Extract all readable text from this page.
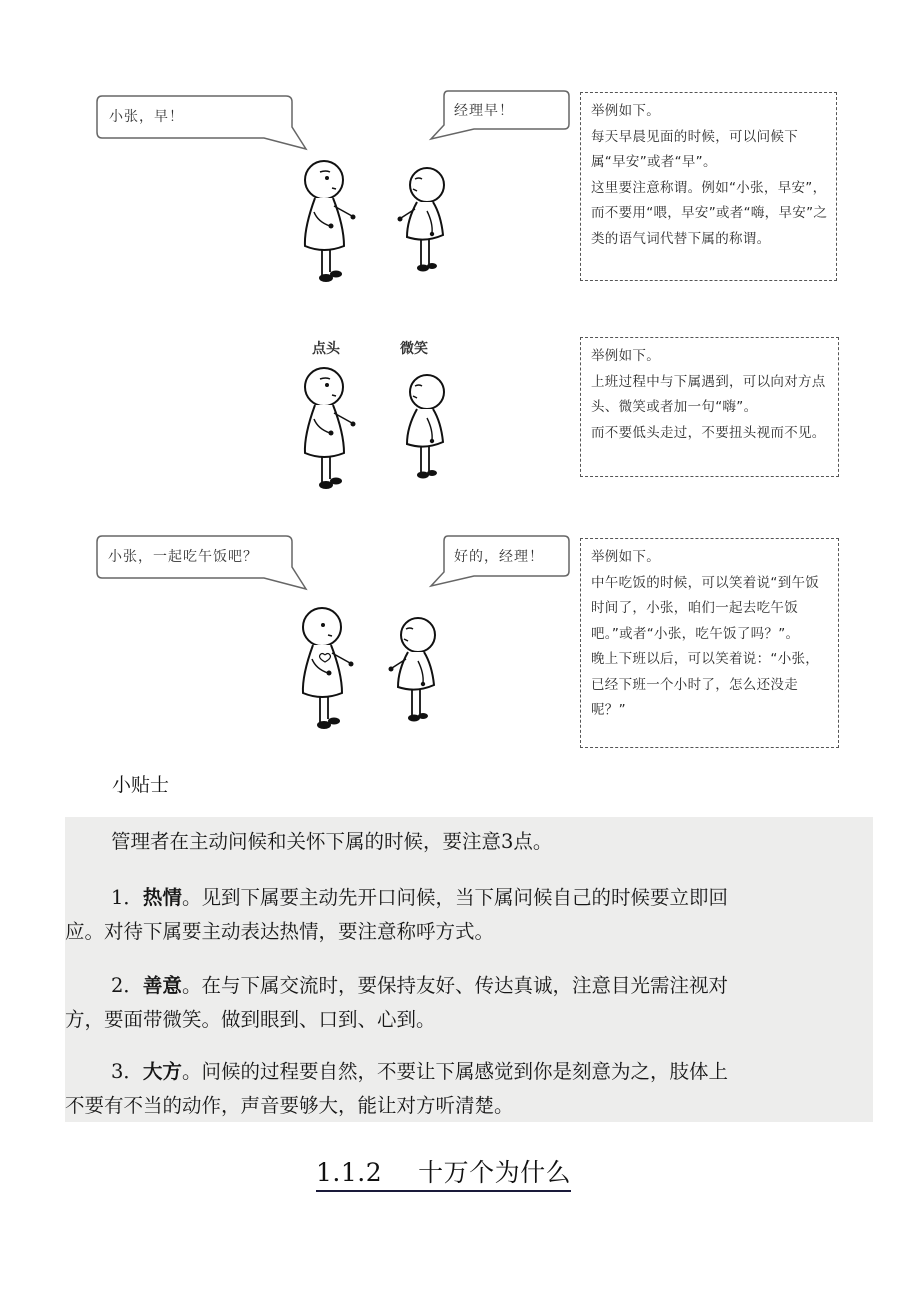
小张，早！	经理早！	举例如下。

每天早晨见面的时候，可以问候下属“早安”或者“早”。

这里要注意称谓。例如“小张，早安”，而不要用“喂，早安”或者“嗨，早安”之类的语气词代替下属的称谓。

点头	微笑	举例如下。

上班过程中与下属遇到，可以向对方点头、微笑或者加一句“嗨”。

而不要低头走过，不要扭头视而不见。

小张，一起吃午饭吧？	好的，经理！	举例如下。

中午吃饭的时候，可以笑着说“到午饭时间了，小张，咱们一起去吃午饭吧。”或者“小张，吃午饭了吗？”。

晚上下班以后，可以笑着说：“小张，已经下班一个小时了，怎么还没走呢？”

小贴士

管理者在主动问候和关怀下属的时候，要注意3点。

1．热情。见到下属要主动先开口问候，当下属问候自己的时候要立即回

应。对待下属要主动表达热情，要注意称呼方式。

2．善意。在与下属交流时，要保持友好、传达真诚，注意目光需注视对

方，要面带微笑。做到眼到、口到、心到。

3．大方。问候的过程要自然，不要让下属感觉到你是刻意为之，肢体上

不要有不当的动作，声音要够大，能让对方听清楚。

1.1.2 十万个为什么
